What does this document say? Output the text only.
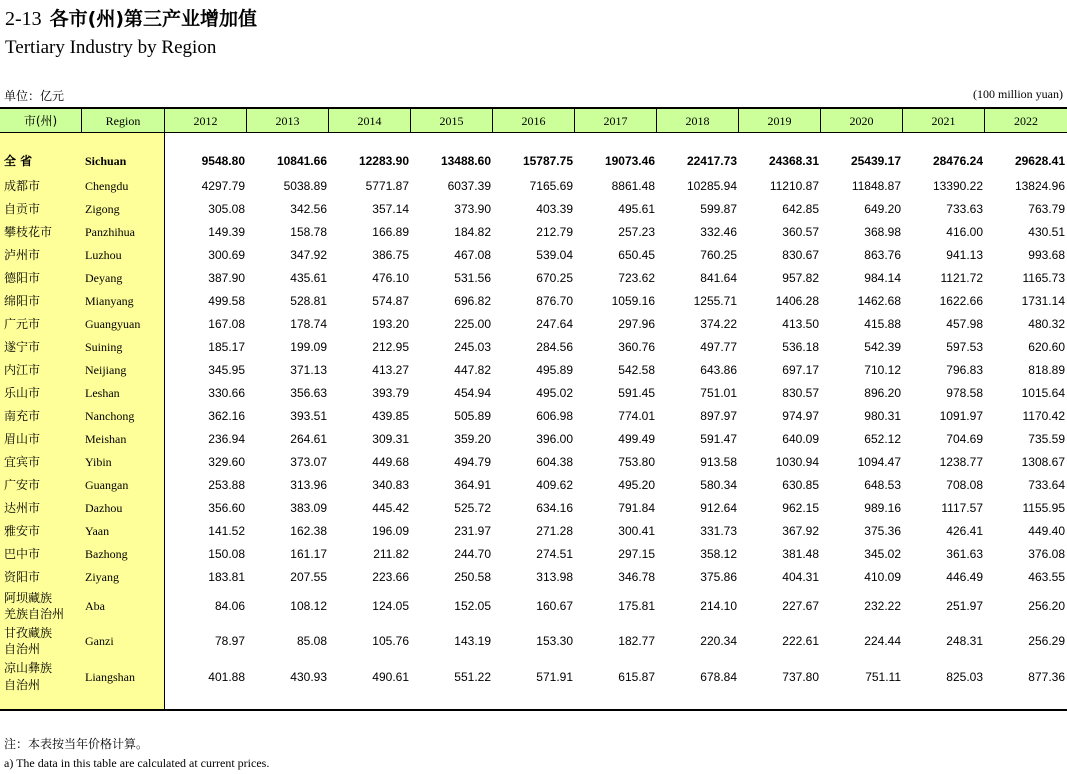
2-13 各市(州)第三产业增加值
Tertiary Industry by Region
单位：亿元	(100 million yuan)
市(州)	Region	2012	2013	2014	2015	2016	2017	2018	2019	2020	2021	2022
全 省	Sichuan	9548.80	10841.66	12283.90	13488.60	15787.75	19073.46	22417.73	24368.31	25439.17	28476.24	29628.41
成都市	Chengdu	4297.79	5038.89	5771.87	6037.39	7165.69	8861.48	10285.94	11210.87	11848.87	13390.22	13824.96
自贡市	Zigong	305.08	342.56	357.14	373.90	403.39	495.61	599.87	642.85	649.20	733.63	763.79
攀枝花市	Panzhihua	149.39	158.78	166.89	184.82	212.79	257.23	332.46	360.57	368.98	416.00	430.51
泸州市	Luzhou	300.69	347.92	386.75	467.08	539.04	650.45	760.25	830.67	863.76	941.13	993.68
德阳市	Deyang	387.90	435.61	476.10	531.56	670.25	723.62	841.64	957.82	984.14	1121.72	1165.73
绵阳市	Mianyang	499.58	528.81	574.87	696.82	876.70	1059.16	1255.71	1406.28	1462.68	1622.66	1731.14
广元市	Guangyuan	167.08	178.74	193.20	225.00	247.64	297.96	374.22	413.50	415.88	457.98	480.32
遂宁市	Suining	185.17	199.09	212.95	245.03	284.56	360.76	497.77	536.18	542.39	597.53	620.60
内江市	Neijiang	345.95	371.13	413.27	447.82	495.89	542.58	643.86	697.17	710.12	796.83	818.89
乐山市	Leshan	330.66	356.63	393.79	454.94	495.02	591.45	751.01	830.57	896.20	978.58	1015.64
南充市	Nanchong	362.16	393.51	439.85	505.89	606.98	774.01	897.97	974.97	980.31	1091.97	1170.42
眉山市	Meishan	236.94	264.61	309.31	359.20	396.00	499.49	591.47	640.09	652.12	704.69	735.59
宜宾市	Yibin	329.60	373.07	449.68	494.79	604.38	753.80	913.58	1030.94	1094.47	1238.77	1308.67
广安市	Guangan	253.88	313.96	340.83	364.91	409.62	495.20	580.34	630.85	648.53	708.08	733.64
达州市	Dazhou	356.60	383.09	445.42	525.72	634.16	791.84	912.64	962.15	989.16	1117.57	1155.95
雅安市	Yaan	141.52	162.38	196.09	231.97	271.28	300.41	331.73	367.92	375.36	426.41	449.40
巴中市	Bazhong	150.08	161.17	211.82	244.70	274.51	297.15	358.12	381.48	345.02	361.63	376.08
资阳市	Ziyang	183.81	207.55	223.66	250.58	313.98	346.78	375.86	404.31	410.09	446.49	463.55
阿坝藏族
羌族自治州
Aba	84.06	108.12	124.05	152.05	160.67	175.81	214.10	227.67	232.22	251.97	256.20
甘孜藏族
自治州
Ganzi	78.97	85.08	105.76	143.19	153.30	182.77	220.34	222.61	224.44	248.31	256.29
凉山彝族
自治州
Liangshan	401.88	430.93	490.61	551.22	571.91	615.87	678.84	737.80	751.11	825.03	877.36
注：本表按当年价格计算。
a) The data in this table are calculated at current prices.
